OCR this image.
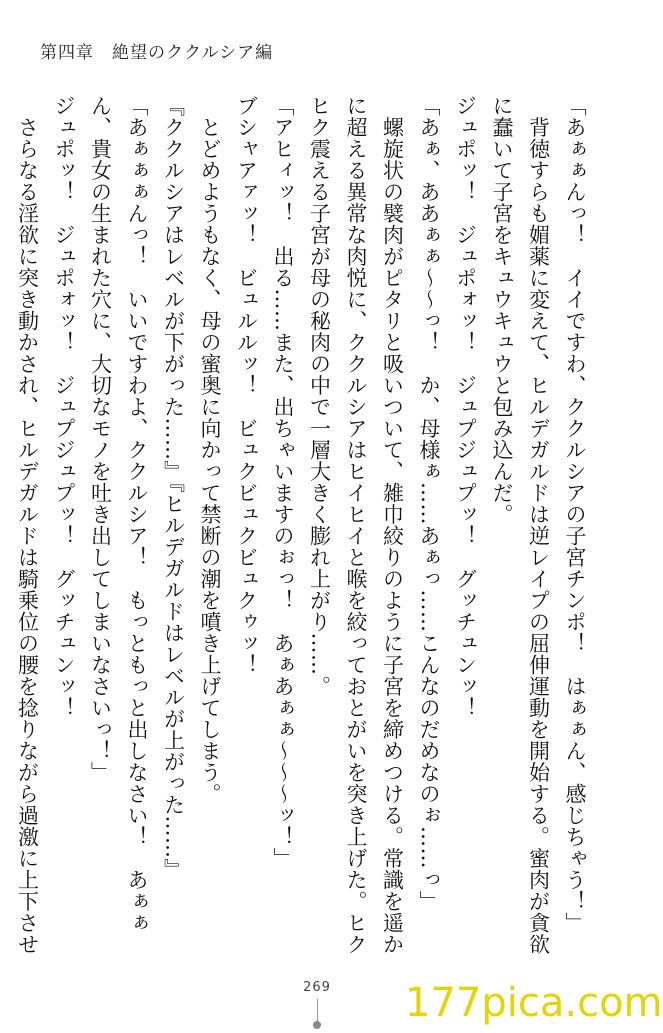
第四章　絶望のククルシア編

「あぁぁんっ！　イイですわ、ククルシアの子宮チンポ！　はぁぁん、感じちゃう！」

　背徳すらも媚薬に変えて、ヒルデガルドは逆レイプの屈伸運動を開始する。蜜肉が貪欲に蠢いて子宮をキュウキュウと包み込んだ。

ジュポッ！　ジュポォッ！　ジュプジュプッ！　グッチュンッ！

「あぁ、ああぁぁ～～っ！　か、母様ぁ……あぁっ……こんなのだめなのぉ……っ」

　螺旋状の襞肉がピタリと吸いついて、雑巾絞りのように子宮を締めつける。常識を遥かに超える異常な肉悦に、ククルシアはヒイヒイと喉を絞っておとがいを突き上げた。ヒクヒク震える子宮が母の秘肉の中で一層大きく膨れ上がり……。

「アヒィッ！　出る……また、出ちゃいますのぉっ！　あぁあぁぁ～～～ッ！」

ブシャアァッ！　ビュルルッ！　ビュクビュクビュクゥッ！

　とどめようもなく、母の蜜奥に向かって禁断の潮を噴き上げてしまう。

『ククルシアはレベルが下がった……』『ヒルデガルドはレベルが上がった……』

「あぁぁぁんっ！　いいですわよ、ククルシア！　もっともっと出しなさい！　あぁぁん、貴女の生まれた穴に、大切なモノを吐き出してしまいなさいっ！」

ジュポッ！　ジュポォッ！　ジュプジュプッ！　グッチュンッ！

　さらなる淫欲に突き動かされ、ヒルデガルドは騎乗位の腰を捻りながら過激に上下させ

269 177pica.com
